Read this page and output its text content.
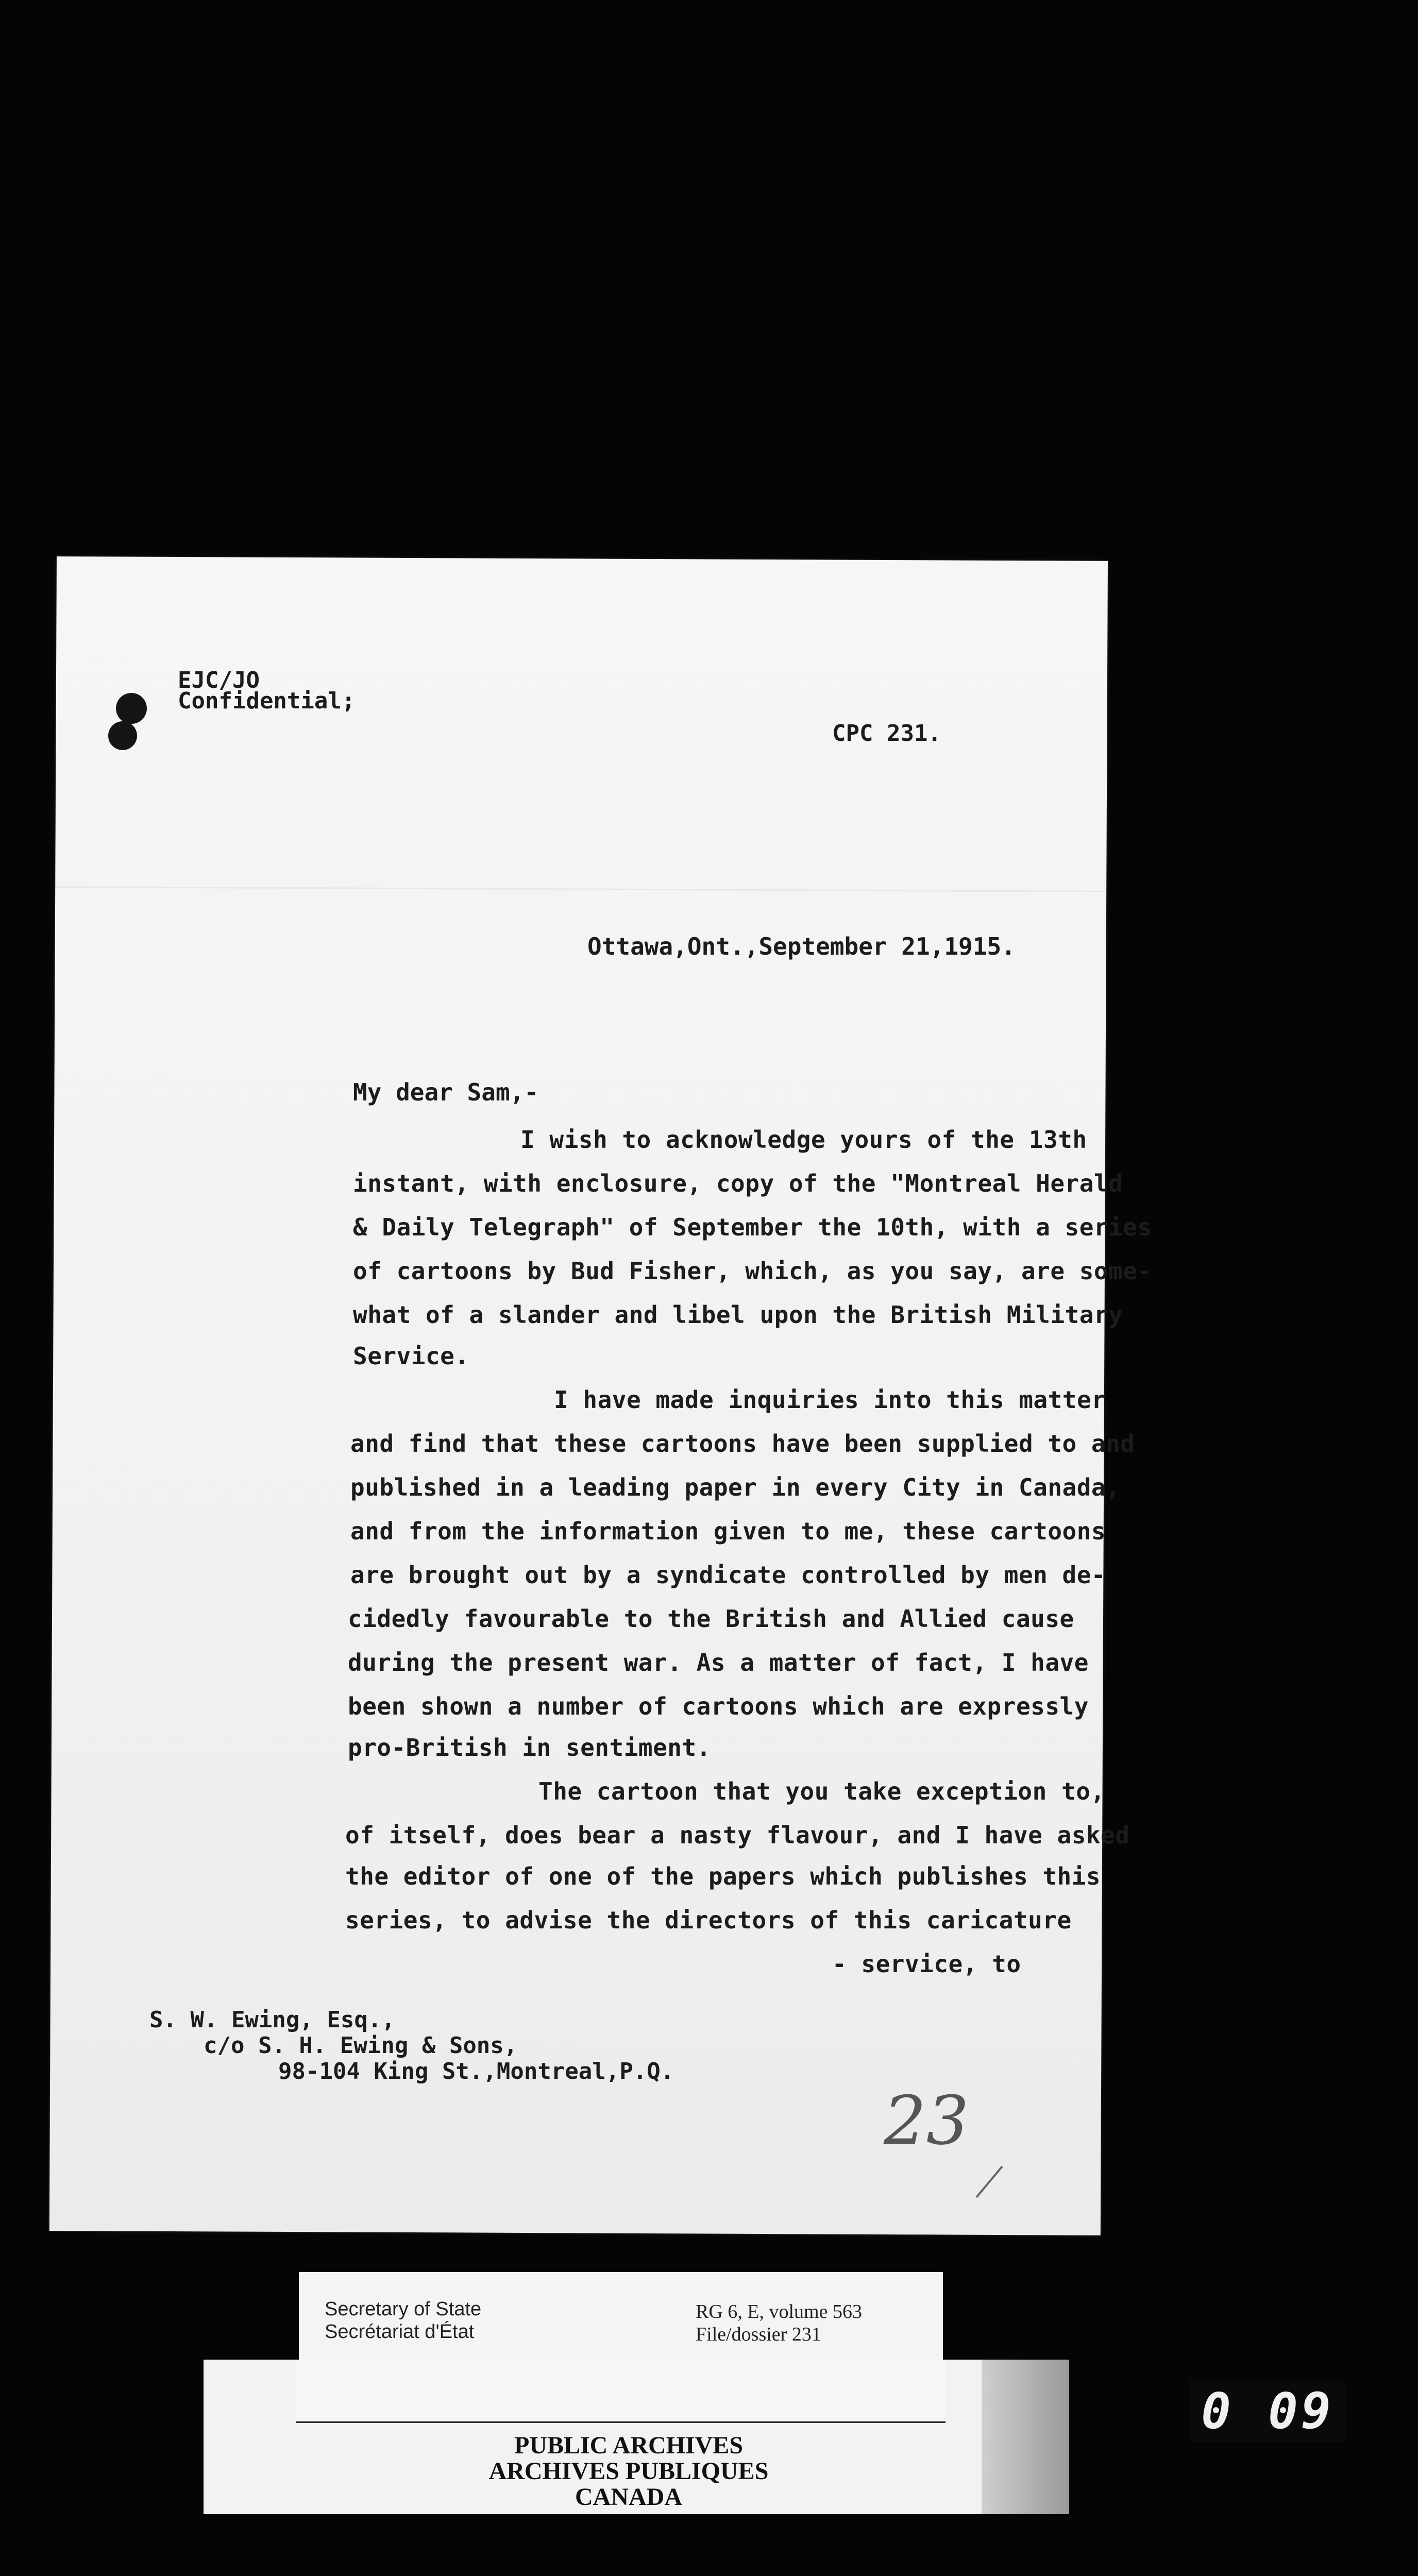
EJC/JO
Confidential;
CPC 231.
Ottawa,Ont.,September 21,1915.
My dear Sam,-
I wish to acknowledge yours of the 13th
instant, with enclosure, copy of the "Montreal Herald
& Daily Telegraph" of September the 10th, with a series
of cartoons by Bud Fisher, which, as you say, are some-
what of a slander and libel upon the British Military
Service.
I have made inquiries into this matter
and find that these cartoons have been supplied to and
published in a leading paper in every City in Canada,
and from the information given to me, these cartoons
are brought out by a syndicate controlled by men de-
cidedly favourable to the British and Allied cause
during the present war. As a matter of fact, I have
been shown a number of cartoons which are expressly
pro-British in sentiment.
The cartoon that you take exception to,
of itself, does bear a nasty flavour, and I have asked
the editor of one of the papers which publishes this
series, to advise the directors of this caricature
- service, to
S. W. Ewing, Esq.,
c/o S. H. Ewing & Sons,
98-104 King St.,Montreal,P.Q.
23
Secretary of State
Secrétariat d'État
RG 6, E, volume 563
File/dossier 231
PUBLIC ARCHIVES
ARCHIVES PUBLIQUES
CANADA
0 0 9
